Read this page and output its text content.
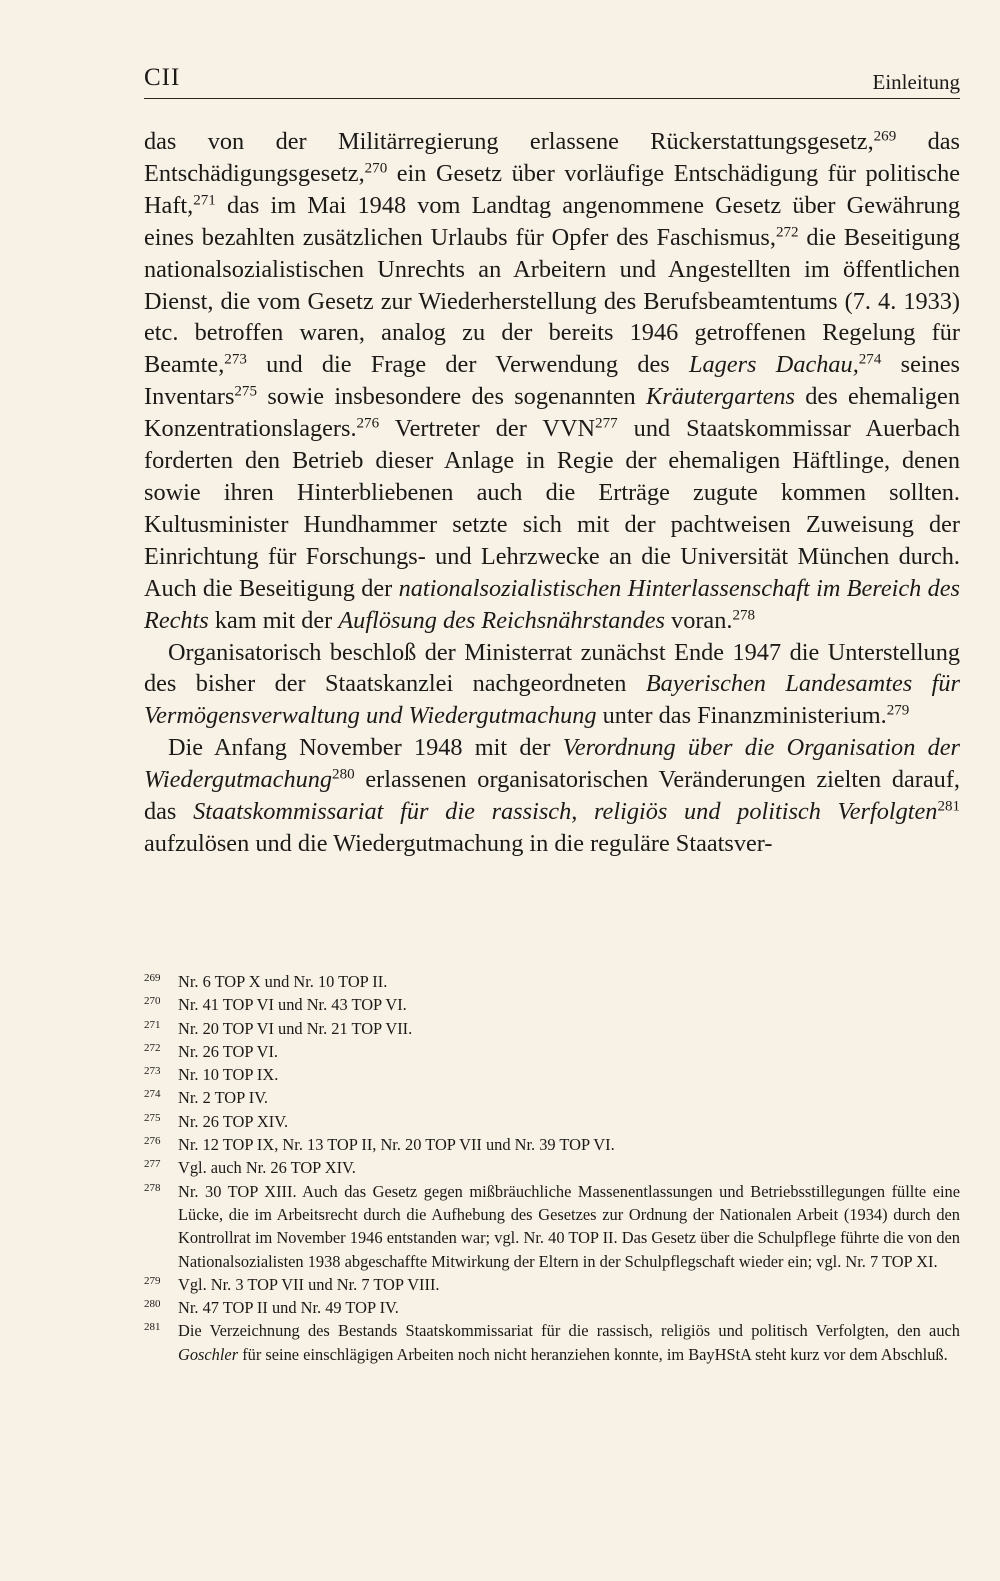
CII	Einleitung

das von der Militärregierung erlassene Rückerstattungsgesetz,$^{269}$ das Entschädigungsgesetz,$^{270}$ ein Gesetz über vorläufige Entschädigung für politische Haft,$^{271}$ das im Mai 1948 vom Landtag angenommene Gesetz über Gewährung eines bezahlten zusätzlichen Urlaubs für Opfer des Faschismus,$^{272}$ die Beseitigung nationalsozialistischen Unrechts an Arbeitern und Angestellten im öffentlichen Dienst, die vom Gesetz zur Wiederherstellung des Berufsbeamtentums (7. 4. 1933) etc. betroffen waren, analog zu der bereits 1946 getroffenen Regelung für Beamte,$^{273}$ und die Frage der Verwendung des Lagers Dachau,$^{274}$ seines Inventars$^{275}$ sowie insbesondere des sogenannten Kräutergartens des ehemaligen Konzentrationslagers.$^{276}$ Vertreter der VVN$^{277}$ und Staatskommissar Auerbach forderten den Betrieb dieser Anlage in Regie der ehemaligen Häftlinge, denen sowie ihren Hinterbliebenen auch die Erträge zugute kommen sollten. Kultusminister Hundhammer setzte sich mit der pachtweisen Zuweisung der Einrichtung für Forschungs- und Lehrzwecke an die Universität München durch. Auch die Beseitigung der nationalsozialistischen Hinterlassenschaft im Bereich des Rechts kam mit der Auflösung des Reichsnährstandes voran.$^{278}$

Organisatorisch beschloß der Ministerrat zunächst Ende 1947 die Unterstellung des bisher der Staatskanzlei nachgeordneten Bayerischen Landesamtes für Vermögensverwaltung und Wiedergutmachung unter das Finanzministerium.$^{279}$

Die Anfang November 1948 mit der Verordnung über die Organisation der Wiedergutmachung$^{280}$ erlassenen organisatorischen Veränderungen zielten darauf, das Staatskommissariat für die rassisch, religiös und politisch Verfolgten$^{281}$ aufzulösen und die Wiedergutmachung in die reguläre Staatsver-

269	Nr. 6 TOP X und Nr. 10 TOP II.
270	Nr. 41 TOP VI und Nr. 43 TOP VI.
271	Nr. 20 TOP VI und Nr. 21 TOP VII.
272	Nr. 26 TOP VI.
273	Nr. 10 TOP IX.
274	Nr. 2 TOP IV.
275	Nr. 26 TOP XIV.
276	Nr. 12 TOP IX, Nr. 13 TOP II, Nr. 20 TOP VII und Nr. 39 TOP VI.
277	Vgl. auch Nr. 26 TOP XIV.
278	Nr. 30 TOP XIII. Auch das Gesetz gegen mißbräuchliche Massenentlassungen und Betriebsstillegungen füllte eine Lücke, die im Arbeitsrecht durch die Aufhebung des Gesetzes zur Ordnung der Nationalen Arbeit (1934) durch den Kontrollrat im November 1946 entstanden war; vgl. Nr. 40 TOP II. Das Gesetz über die Schulpflege führte die von den Nationalsozialisten 1938 abgeschaffte Mitwirkung der Eltern in der Schulpflegschaft wieder ein; vgl. Nr. 7 TOP XI.
279	Vgl. Nr. 3 TOP VII und Nr. 7 TOP VIII.
280	Nr. 47 TOP II und Nr. 49 TOP IV.
281	Die Verzeichnung des Bestands Staatskommissariat für die rassisch, religiös und politisch Verfolgten, den auch Goschler für seine einschlägigen Arbeiten noch nicht heranziehen konnte, im BayHStA steht kurz vor dem Abschluß.
